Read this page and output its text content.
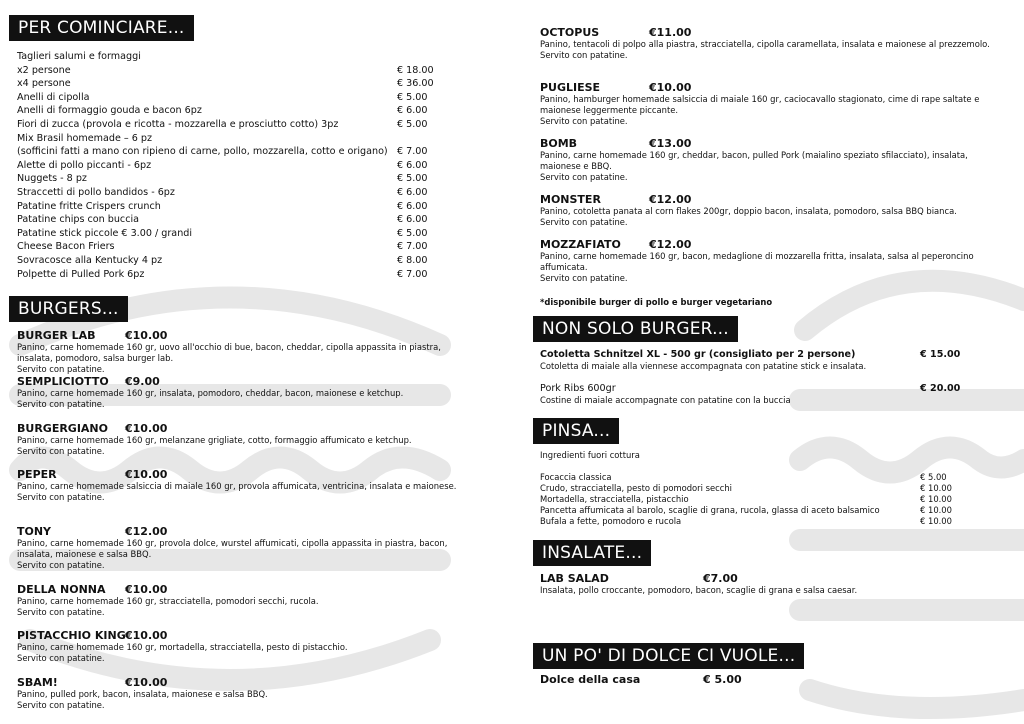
PER COMINCIARE...
Taglieri salumi e formaggi
x2 persone	€ 18.00
x4 persone	€ 36.00
Anelli di cipolla	€ 5.00
Anelli di formaggio gouda e bacon 6pz	€ 6.00
Fiori di zucca (provola e ricotta - mozzarella e prosciutto cotto) 3pz	€ 5.00
Mix Brasil homemade – 6 pz
(sofficini fatti a mano con ripieno di carne, pollo, mozzarella, cotto e origano) € 7.00
Alette di pollo piccanti - 6pz	€ 6.00
Nuggets - 8 pz	€ 5.00
Straccetti di pollo bandidos - 6pz	€ 6.00
Patatine fritte Crispers crunch	€ 6.00
Patatine chips con buccia	€ 6.00
Patatine stick piccole € 3.00 / grandi	€ 5.00
Cheese Bacon Friers	€ 7.00
Sovracosce alla Kentucky 4 pz	€ 8.00
Polpette di Pulled Pork 6pz	€ 7.00
BURGERS...
BURGER LAB	€10.00
Panino, carne homemade 160 gr, uovo all'occhio di bue, bacon, cheddar, cipolla appassita in piastra, insalata, pomodoro, salsa burger lab.
Servito con patatine.
SEMPLICIOTTO	€9.00
Panino, carne homemade 160 gr, insalata, pomodoro, cheddar, bacon, maionese e ketchup.
Servito con patatine.
BURGERGIANO	€10.00
Panino, carne homemade 160 gr, melanzane grigliate, cotto, formaggio affumicato e ketchup.
Servito con patatine.
PEPER	€10.00
Panino, carne homemade salsiccia di maiale 160 gr, provola affumicata, ventricina, insalata e maionese.
Servito con patatine.
TONY	€12.00
Panino, carne homemade 160 gr, provola dolce, wurstel affumicati, cipolla appassita in piastra, bacon, insalata, maionese e salsa BBQ.
Servito con patatine.
DELLA NONNA	€10.00
Panino, carne homemade 160 gr, stracciatella, pomodori secchi, rucola.
Servito con patatine.
PISTACCHIO KING €10.00
Panino, carne homemade 160 gr, mortadella, stracciatella, pesto di pistacchio.
Servito con patatine.
SBAM!	€10.00
Panino, pulled pork, bacon, insalata, maionese e salsa BBQ.
Servito con patatine.
OCTOPUS	€11.00
Panino, tentacoli di polpo alla piastra, stracciatella, cipolla caramellata, insalata e maionese al prezzemolo.
Servito con patatine.
PUGLIESE	€10.00
Panino, hamburger homemade salsiccia di maiale 160 gr, caciocavallo stagionato, cime di rape saltate e maionese leggermente piccante.
Servito con patatine.
BOMB	€13.00
Panino, carne homemade 160 gr, cheddar, bacon, pulled Pork (maialino speziato sfilacciato), insalata, maionese e BBQ.
Servito con patatine.
MONSTER	€12.00
Panino, cotoletta panata al corn flakes 200gr, doppio bacon, insalata, pomodoro, salsa BBQ bianca.
Servito con patatine.
MOZZAFIATO	€12.00
Panino, carne homemade 160 gr, bacon, medaglione di mozzarella fritta, insalata, salsa al peperoncino affumicata.
Servito con patatine.
*disponibile burger di pollo e burger vegetariano
NON SOLO BURGER...
Cotoletta Schnitzel XL - 500 gr (consigliato per 2 persone)	€ 15.00
Cotoletta di maiale alla viennese accompagnata con patatine stick e insalata.
Pork Ribs 600gr	€ 20.00
Costine di maiale accompagnate con patatine con la buccia
PINSA...
Ingredienti fuori cottura
Focaccia classica	€ 5.00
Crudo, stracciatella, pesto di pomodori secchi	€ 10.00
Mortadella, stracciatella, pistacchio	€ 10.00
Pancetta affumicata al barolo, scaglie di grana, rucola, glassa di aceto balsamico	€ 10.00
Bufala a fette, pomodoro e rucola	€ 10.00
INSALATE...
LAB SALAD	€7.00
Insalata, pollo croccante, pomodoro, bacon, scaglie di grana e salsa caesar.
UN PO' DI DOLCE CI VUOLE...
Dolce della casa	€ 5.00
